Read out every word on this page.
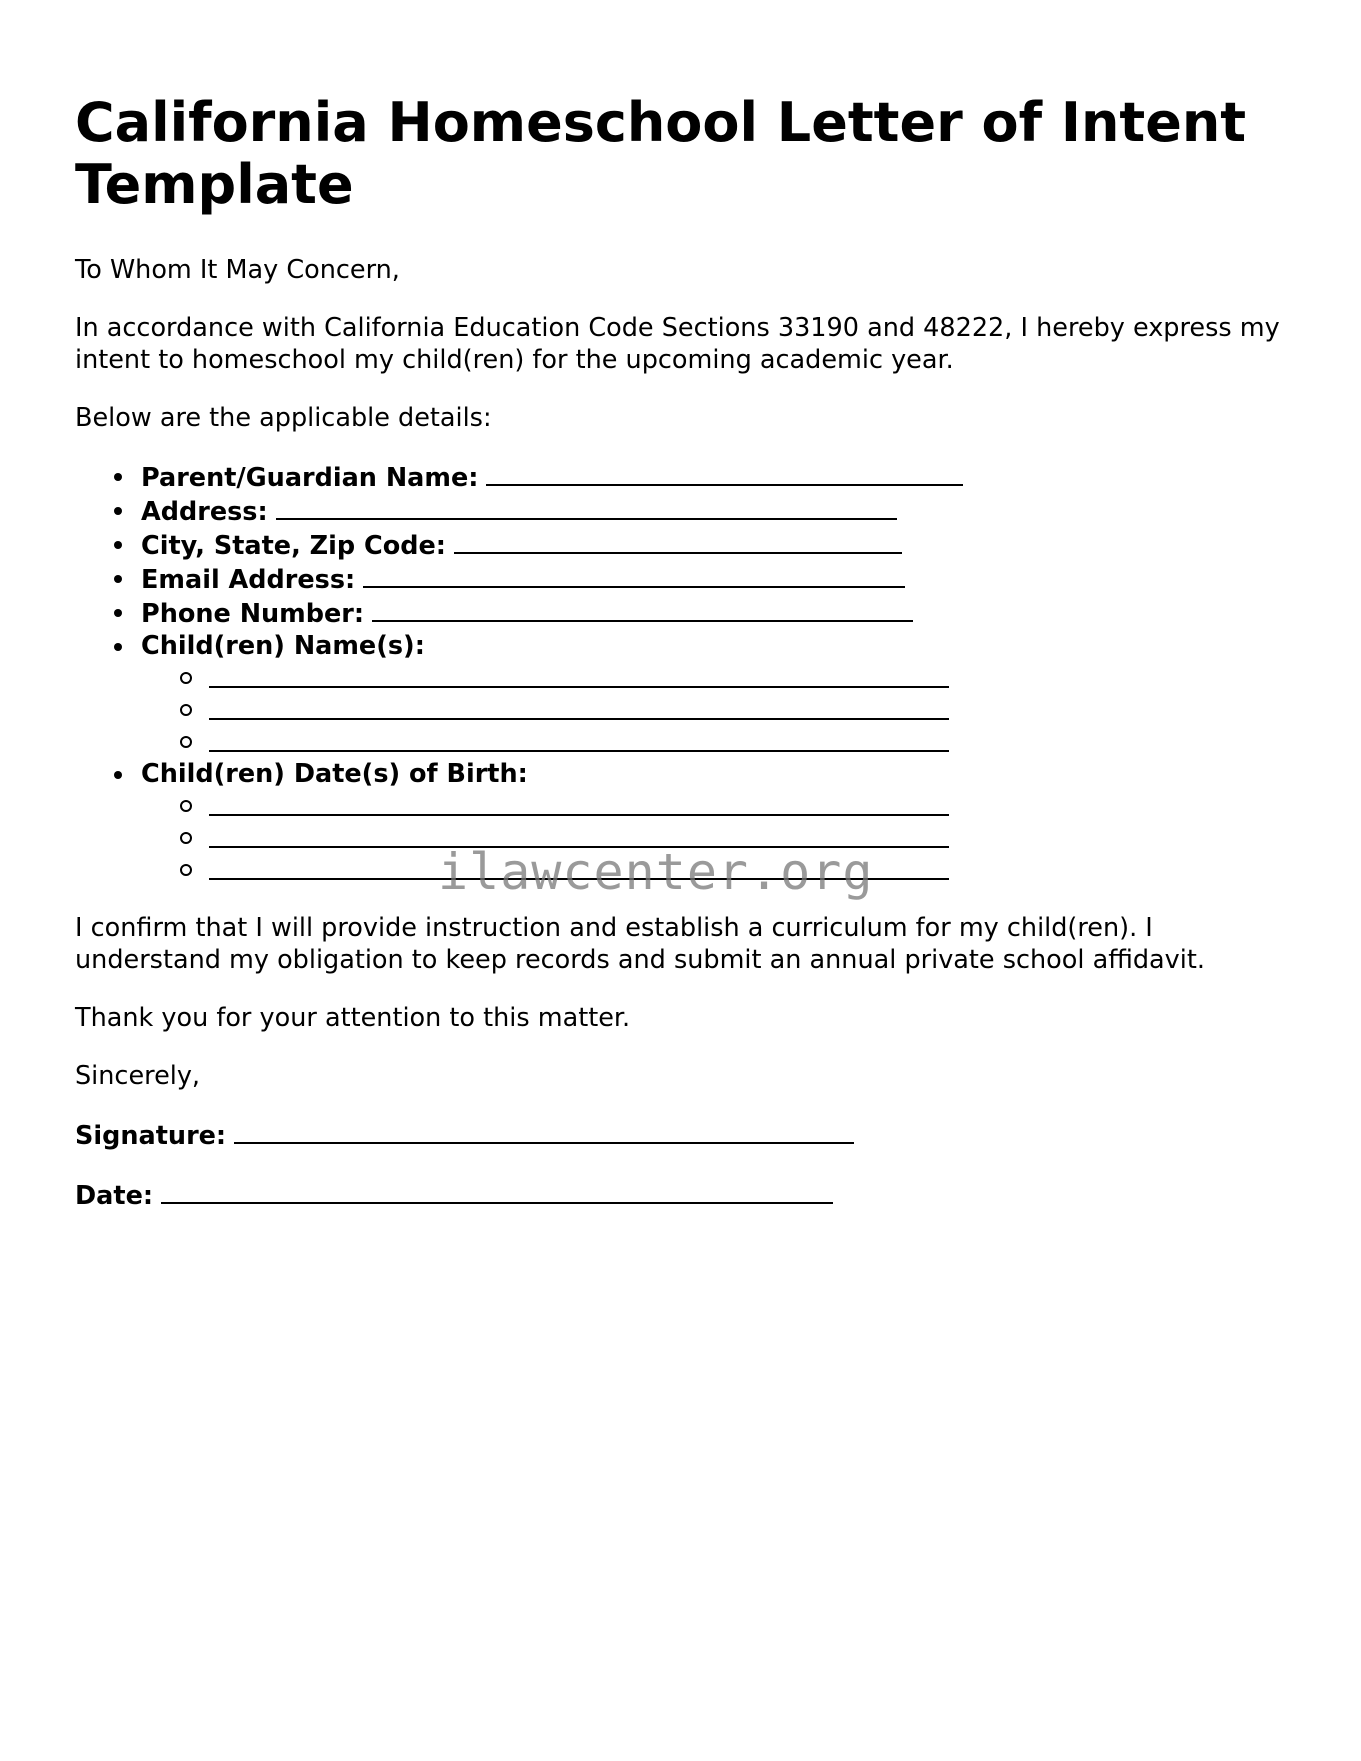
California Homeschool Letter of Intent Template

To Whom It May Concern,

In accordance with California Education Code Sections 33190 and 48222, I hereby express my intent to homeschool my child(ren) for the upcoming academic year.

Below are the applicable details:

Parent/Guardian Name:
Address:
City, State, Zip Code:
Email Address:
Phone Number:
Child(ren) Name(s):
Child(ren) Date(s) of Birth:

I confirm that I will provide instruction and establish a curriculum for my child(ren). I understand my obligation to keep records and submit an annual private school affidavit.

Thank you for your attention to this matter.

Sincerely,

Signature:
Date:
ilawcenter.org
